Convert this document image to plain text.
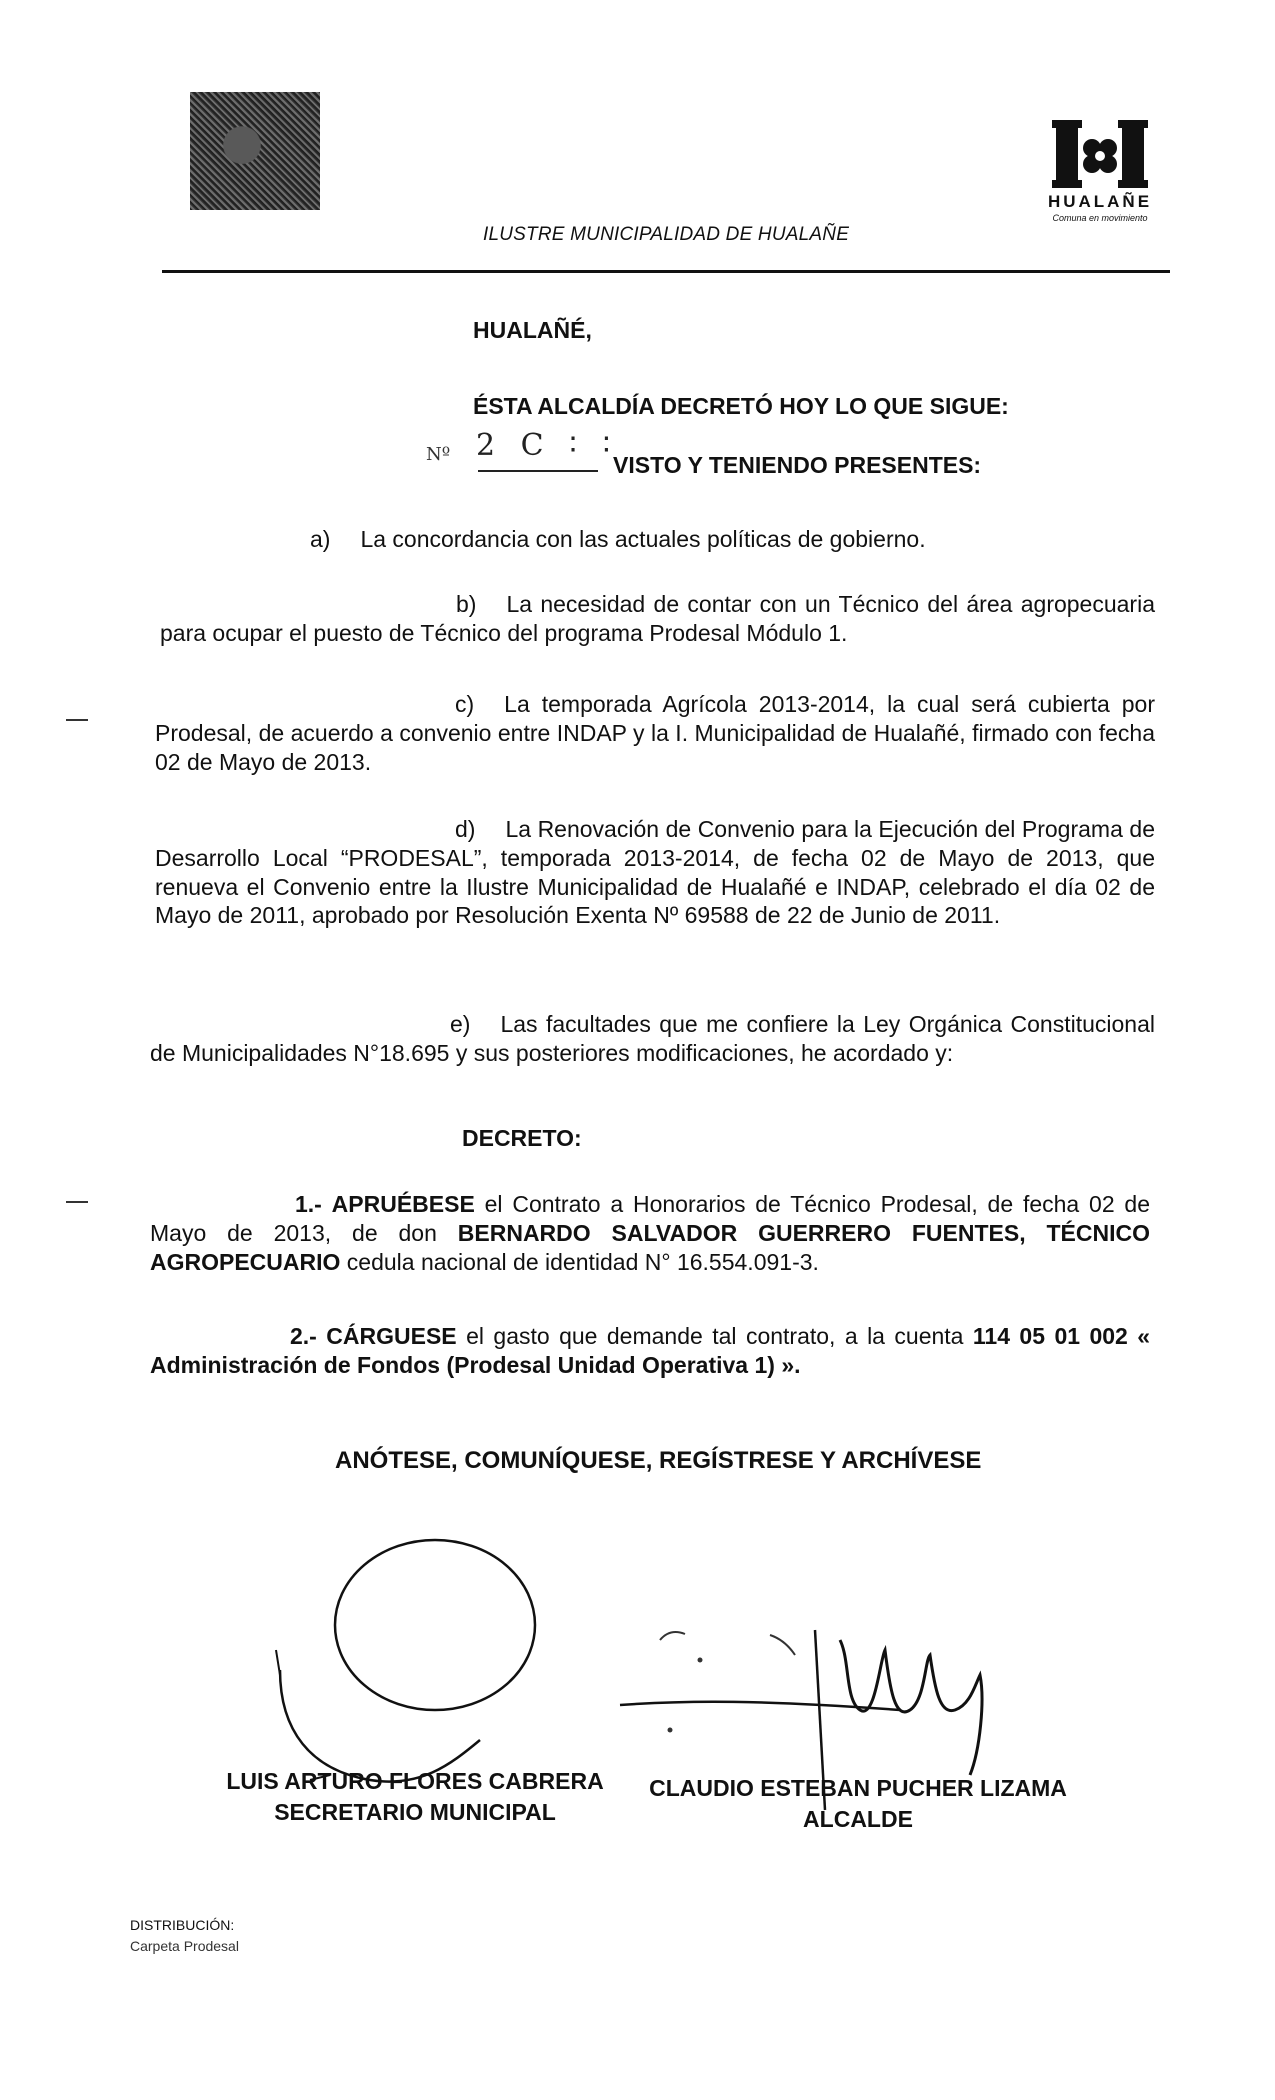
HUALAÑE
Comuna en movimiento
ILUSTRE MUNICIPALIDAD DE HUALAÑE
HUALAÑÉ,
ÉSTA ALCALDÍA DECRETÓ HOY LO QUE SIGUE:
Nº 2 C ∶ ∶
VISTO Y TENIENDO PRESENTES:
a) La concordancia con las actuales políticas de gobierno.
b) La necesidad de contar con un Técnico del área agropecuaria para ocupar el puesto de Técnico del programa Prodesal Módulo 1.
c) La temporada Agrícola 2013-2014, la cual será cubierta por Prodesal, de acuerdo a convenio entre INDAP y la I. Municipalidad de Hualañé, firmado con fecha 02 de Mayo de 2013.
d) La Renovación de Convenio para la Ejecución del Programa de Desarrollo Local “PRODESAL”, temporada 2013-2014, de fecha 02 de Mayo de 2013, que renueva el Convenio entre la Ilustre Municipalidad de Hualañé e INDAP, celebrado el día 02 de Mayo de 2011, aprobado por Resolución Exenta Nº 69588 de 22 de Junio de 2011.
e) Las facultades que me confiere la Ley Orgánica Constitucional de Municipalidades N°18.695 y sus posteriores modificaciones, he acordado y:
DECRETO:
1.- APRUÉBESE el Contrato a Honorarios de Técnico Prodesal, de fecha 02 de Mayo de 2013, de don BERNARDO SALVADOR GUERRERO FUENTES, TÉCNICO AGROPECUARIO cedula nacional de identidad N° 16.554.091-3.
2.- CÁRGUESE el gasto que demande tal contrato, a la cuenta 114 05 01 002 « Administración de Fondos (Prodesal Unidad Operativa 1) ».
ANÓTESE, COMUNÍQUESE, REGÍSTRESE Y ARCHÍVESE
LUIS ARTURO FLORES CABRERA
SECRETARIO MUNICIPAL
CLAUDIO ESTEBAN PUCHER LIZAMA
ALCALDE
DISTRIBUCIÓN:
Carpeta Prodesal
